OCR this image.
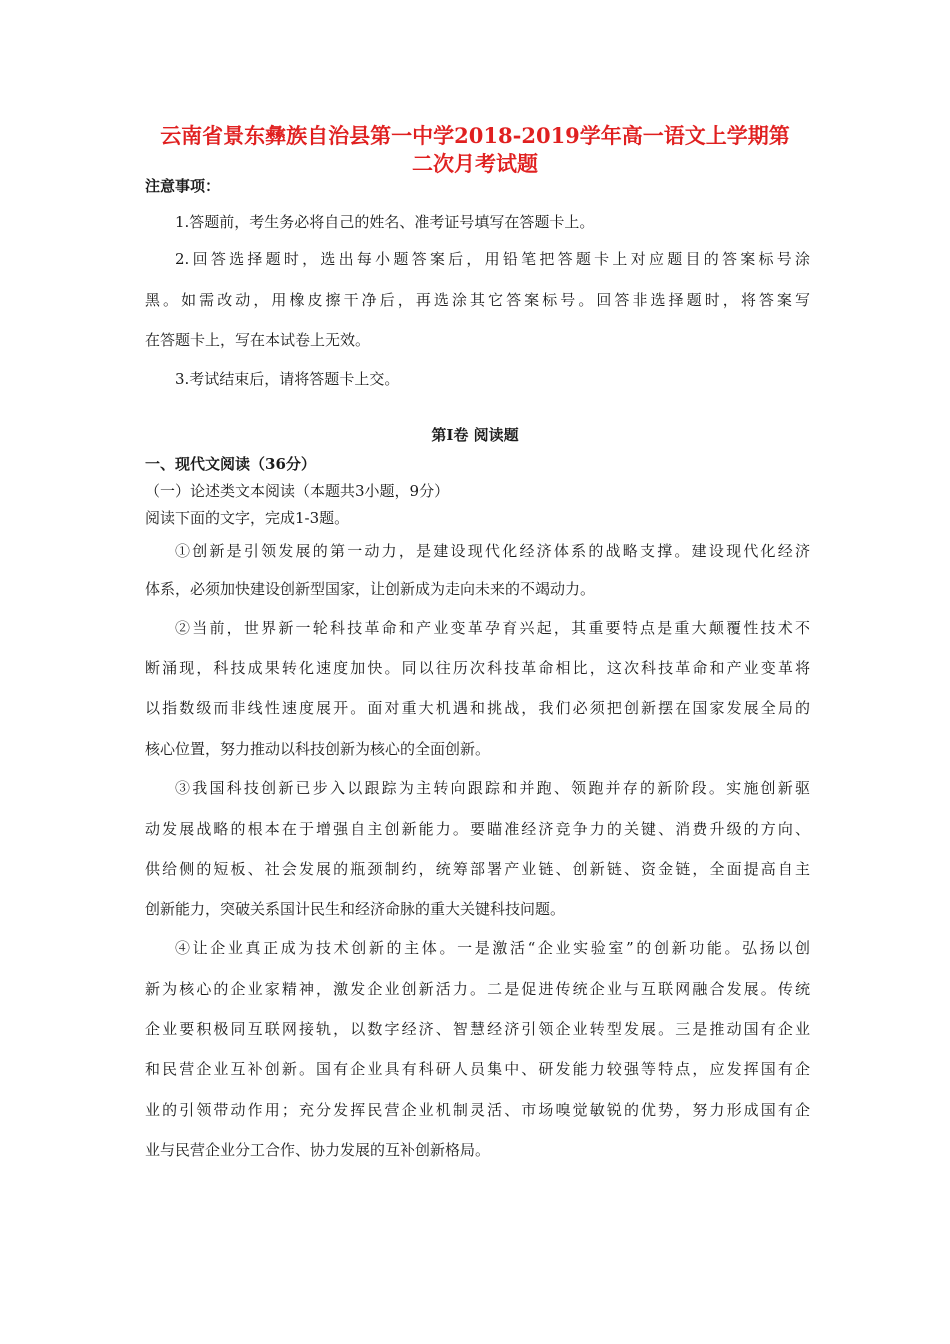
云南省景东彝族自治县第一中学2018-2019学年高一语文上学期第
二次月考试题
注意事项：
1.答题前，考生务必将自己的姓名、准考证号填写在答题卡上。
2.回答选择题时，选出每小题答案后，用铅笔把答题卡上对应题目的答案标号涂
黑。如需改动，用橡皮擦干净后，再选涂其它答案标号。回答非选择题时，将答案写
在答题卡上，写在本试卷上无效。
3.考试结束后，请将答题卡上交。
第Ⅰ卷 阅读题
一、现代文阅读（36分）
（一）论述类文本阅读（本题共3小题，9分）
阅读下面的文字，完成1-3题。
①创新是引领发展的第一动力，是建设现代化经济体系的战略支撑。建设现代化经济
体系，必须加快建设创新型国家，让创新成为走向未来的不竭动力。
②当前，世界新一轮科技革命和产业变革孕育兴起，其重要特点是重大颠覆性技术不
断涌现，科技成果转化速度加快。同以往历次科技革命相比，这次科技革命和产业变革将
以指数级而非线性速度展开。面对重大机遇和挑战，我们必须把创新摆在国家发展全局的
核心位置，努力推动以科技创新为核心的全面创新。
③我国科技创新已步入以跟踪为主转向跟踪和并跑、领跑并存的新阶段。实施创新驱
动发展战略的根本在于增强自主创新能力。要瞄准经济竞争力的关键、消费升级的方向、
供给侧的短板、社会发展的瓶颈制约，统筹部署产业链、创新链、资金链，全面提高自主
创新能力，突破关系国计民生和经济命脉的重大关键科技问题。
④让企业真正成为技术创新的主体。一是激活“企业实验室”的创新功能。弘扬以创
新为核心的企业家精神，激发企业创新活力。二是促进传统企业与互联网融合发展。传统
企业要积极同互联网接轨，以数字经济、智慧经济引领企业转型发展。三是推动国有企业
和民营企业互补创新。国有企业具有科研人员集中、研发能力较强等特点，应发挥国有企
业的引领带动作用；充分发挥民营企业机制灵活、市场嗅觉敏锐的优势，努力形成国有企
业与民营企业分工合作、协力发展的互补创新格局。
